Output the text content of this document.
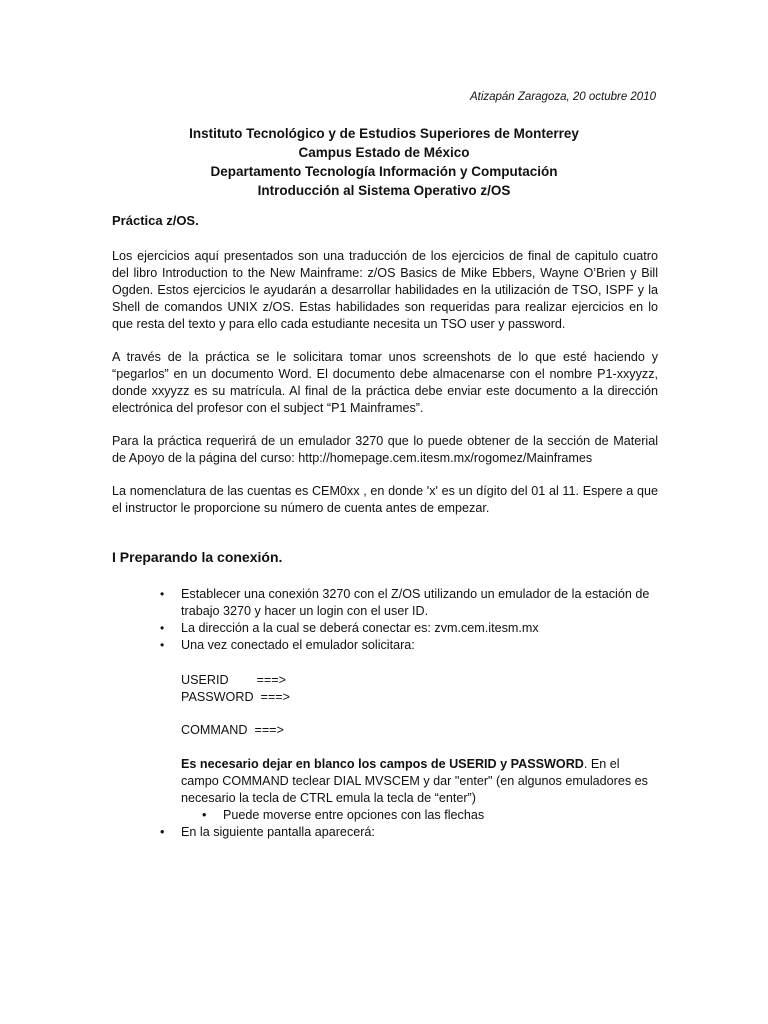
Atizapán Zaragoza, 20 octubre 2010
Instituto Tecnológico y de Estudios Superiores de Monterrey
Campus Estado de México
Departamento Tecnología Información y Computación
Introducción al Sistema Operativo z/OS
Práctica z/OS.
Los ejercicios aquí presentados son una traducción de los ejercicios de final de capitulo cuatro del libro Introduction to the New Mainframe: z/OS Basics de Mike Ebbers, Wayne O’Brien y Bill Ogden. Estos ejercicios le ayudarán a desarrollar habilidades en la utilización de TSO, ISPF y la Shell de comandos UNIX z/OS. Estas habilidades son requeridas para realizar ejercicios en lo que resta del texto y para ello cada estudiante necesita un TSO user y password.
A través de la práctica se le solicitara tomar unos screenshots de lo que esté haciendo y “pegarlos” en un documento Word. El documento debe almacenarse con el nombre P1-xxyyzz, donde xxyyzz es su matrícula. Al final de la práctica debe enviar este documento a la dirección electrónica del profesor con el subject “P1 Mainframes”.
Para la práctica requerirá de un emulador 3270 que lo puede obtener de la sección de Material de Apoyo de la página del curso: http://homepage.cem.itesm.mx/rogomez/Mainframes
La nomenclatura de las cuentas es CEM0xx , en donde 'x' es un dígito del 01 al 11. Espere a que el instructor le proporcione su número de cuenta antes de empezar.
I Preparando la conexión.
• Establecer una conexión 3270 con el Z/OS utilizando un emulador de la estación de trabajo 3270 y hacer un login con el user ID.
• La dirección a la cual se deberá conectar es: zvm.cem.itesm.mx
• Una vez conectado el emulador solicitara:
USERID        ===>
PASSWORD  ===>
COMMAND  ===>
Es necesario dejar en blanco los campos de USERID y PASSWORD. En el campo COMMAND teclear DIAL MVSCEM y dar "enter" (en algunos emuladores es necesario la tecla de CTRL emula la tecla de “enter”)
• Puede moverse entre opciones con las flechas
• En la siguiente pantalla aparecerá:
